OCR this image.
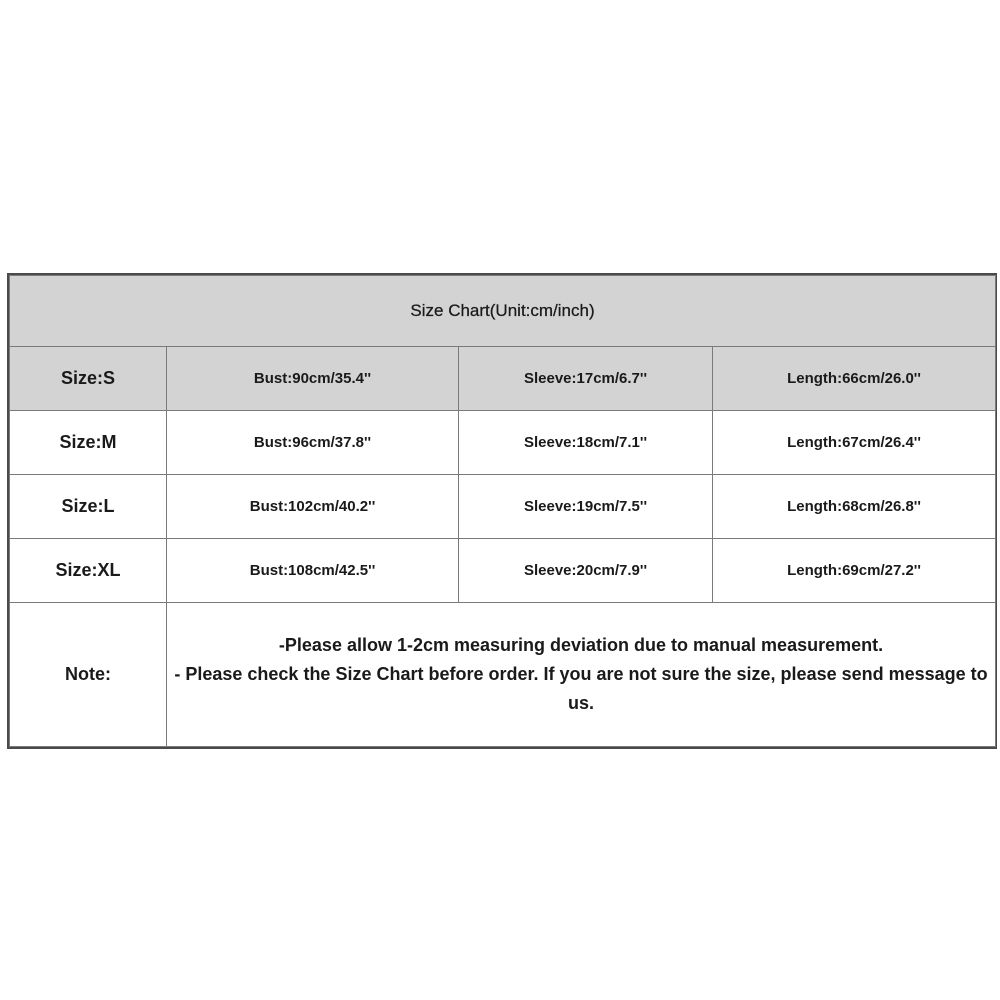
Size Chart(Unit:cm/inch)			
Size:S	Bust:90cm/35.4''	Sleeve:17cm/6.7''	Length:66cm/26.0''
Size:M	Bust:96cm/37.8''	Sleeve:18cm/7.1''	Length:67cm/26.4''
Size:L	Bust:102cm/40.2''	Sleeve:19cm/7.5''	Length:68cm/26.8''
Size:XL	Bust:108cm/42.5''	Sleeve:20cm/7.9''	Length:69cm/27.2''
Note:	-Please allow 1-2cm measuring deviation due to manual measurement.
- Please check the Size Chart before order. If you are not sure the size, please send message to us.		
